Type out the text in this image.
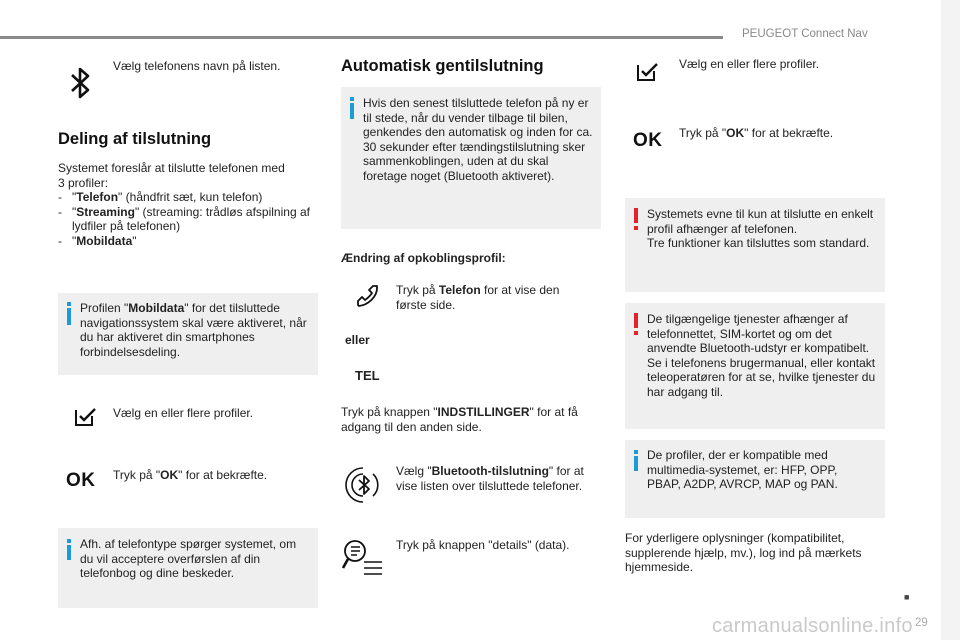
PEUGEOT Connect Nav
Vælg telefonens navn på listen.
Deling af tilslutning
Systemet foreslår at tilslutte telefonen med
3 profiler:
- "Telefon" (håndfrit sæt, kun telefon)
- "Streaming" (streaming: trådløs afspilning af lydfiler på telefonen)
- "Mobildata"
Profilen "Mobildata" for det tilsluttede navigationssystem skal være aktiveret, når du har aktiveret din smartphones forbindelsesdeling.
Vælg en eller flere profiler.
OK Tryk på "OK" for at bekræfte.
Afh. af telefontype spørger systemet, om du vil acceptere overførslen af din telefonbog og dine beskeder.
Automatisk gentilslutning
Hvis den senest tilsluttede telefon på ny er til stede, når du vender tilbage til bilen, genkendes den automatisk og inden for ca. 30 sekunder efter tændingstilslutning sker sammenkoblingen, uden at du skal foretage noget (Bluetooth aktiveret).
Ændring af opkoblingsprofil:
Tryk på Telefon for at vise den første side.
eller
TEL
Tryk på knappen "INDSTILLINGER" for at få adgang til den anden side.
Vælg "Bluetooth-tilslutning" for at vise listen over tilsluttede telefoner.
Tryk på knappen "details" (data).
Vælg en eller flere profiler.
OK Tryk på "OK" for at bekræfte.
Systemets evne til kun at tilslutte en enkelt profil afhænger af telefonen.
Tre funktioner kan tilsluttes som standard.
De tilgængelige tjenester afhænger af telefonnettet, SIM-kortet og om det anvendte Bluetooth-udstyr er kompatibelt. Se i telefonens brugermanual, eller kontakt teleoperatøren for at se, hvilke tjenester du har adgang til.
De profiler, der er kompatible med multimedia-systemet, er: HFP, OPP, PBAP, A2DP, AVRCP, MAP og PAN.
For yderligere oplysninger (kompatibilitet, supplerende hjælp, mv.), log ind på mærkets hjemmeside.
■
carmanualsonline.info 29
